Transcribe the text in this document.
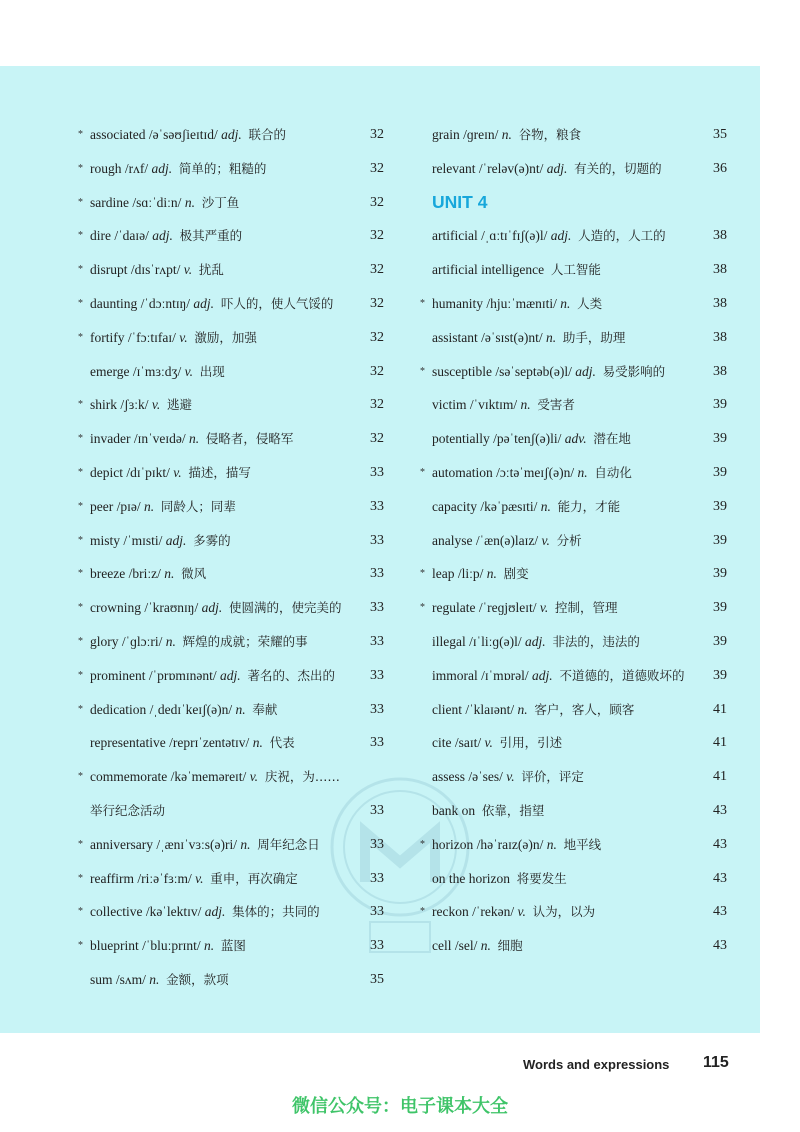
* associated /əˈsəʊʃieɪtɪd/ adj. 联合的	32
* rough /rʌf/ adj. 简单的；粗糙的	32
* sardine /sɑːˈdiːn/ n. 沙丁鱼	32
* dire /ˈdaɪə/ adj. 极其严重的	32
* disrupt /dɪsˈrʌpt/ v. 扰乱	32
* daunting /ˈdɔːntɪŋ/ adj. 吓人的，使人气馁的	32
* fortify /ˈfɔːtɪfaɪ/ v. 激励，加强	32
emerge /ɪˈmɜːdʒ/ v. 出现	32
* shirk /ʃɜːk/ v. 逃避	32
* invader /ɪnˈveɪdə/ n. 侵略者，侵略军	32
* depict /dɪˈpɪkt/ v. 描述，描写	33
* peer /pɪə/ n. 同龄人；同辈	33
* misty /ˈmɪsti/ adj. 多雾的	33
* breeze /briːz/ n. 微风	33
* crowning /ˈkraʊnɪŋ/ adj. 使圆满的，使完美的 33
* glory /ˈɡlɔːri/ n. 辉煌的成就；荣耀的事	33
* prominent /ˈprɒmɪnənt/ adj. 著名的、杰出的	33
* dedication /ˌdedɪˈkeɪʃ(ə)n/ n. 奉献	33
representative /reprɪˈzentətɪv/ n. 代表	33
* commemorate /kəˈmeməreɪt/ v. 庆祝，为……
举行纪念活动	33
* anniversary /ˌænɪˈvɜːs(ə)ri/ n. 周年纪念日	33
* reaffirm /riːəˈfɜːm/ v. 重申，再次确定	33
* collective /kəˈlektɪv/ adj. 集体的；共同的	33
* blueprint /ˈbluːprɪnt/ n. 蓝图	33
sum /sʌm/ n. 金额，款项	35
grain /ɡreɪn/ n. 谷物，粮食	35
relevant /ˈreləv(ə)nt/ adj. 有关的，切题的	36
UNIT 4
artificial /ˌɑːtɪˈfɪʃ(ə)l/ adj. 人造的，人工的	38
artificial intelligence 人工智能	38
* humanity /hjuːˈmænɪti/ n. 人类	38
assistant /əˈsɪst(ə)nt/ n. 助手，助理	38
* susceptible /səˈseptəb(ə)l/ adj. 易受影响的	38
victim /ˈvɪktɪm/ n. 受害者	39
potentially /pəˈtenʃ(ə)li/ adv. 潜在地	39
* automation /ɔːtəˈmeɪʃ(ə)n/ n. 自动化	39
capacity /kəˈpæsɪti/ n. 能力，才能	39
analyse /ˈæn(ə)laɪz/ v. 分析	39
* leap /liːp/ n. 剧变	39
* regulate /ˈreɡjʊleɪt/ v. 控制，管理	39
illegal /ɪˈliːɡ(ə)l/ adj. 非法的，违法的	39
immoral /ɪˈmɒrəl/ adj. 不道德的，道德败坏的 39
client /ˈklaɪənt/ n. 客户，客人，顾客	41
cite /saɪt/ v. 引用，引述	41
assess /əˈses/ v. 评价，评定	41
bank on 依靠，指望	43
* horizon /həˈraɪz(ə)n/ n. 地平线	43
on the horizon 将要发生	43
* reckon /ˈrekən/ v. 认为，以为	43
cell /sel/ n. 细胞	43
Words and expressions 115
微信公众号：电子课本大全
